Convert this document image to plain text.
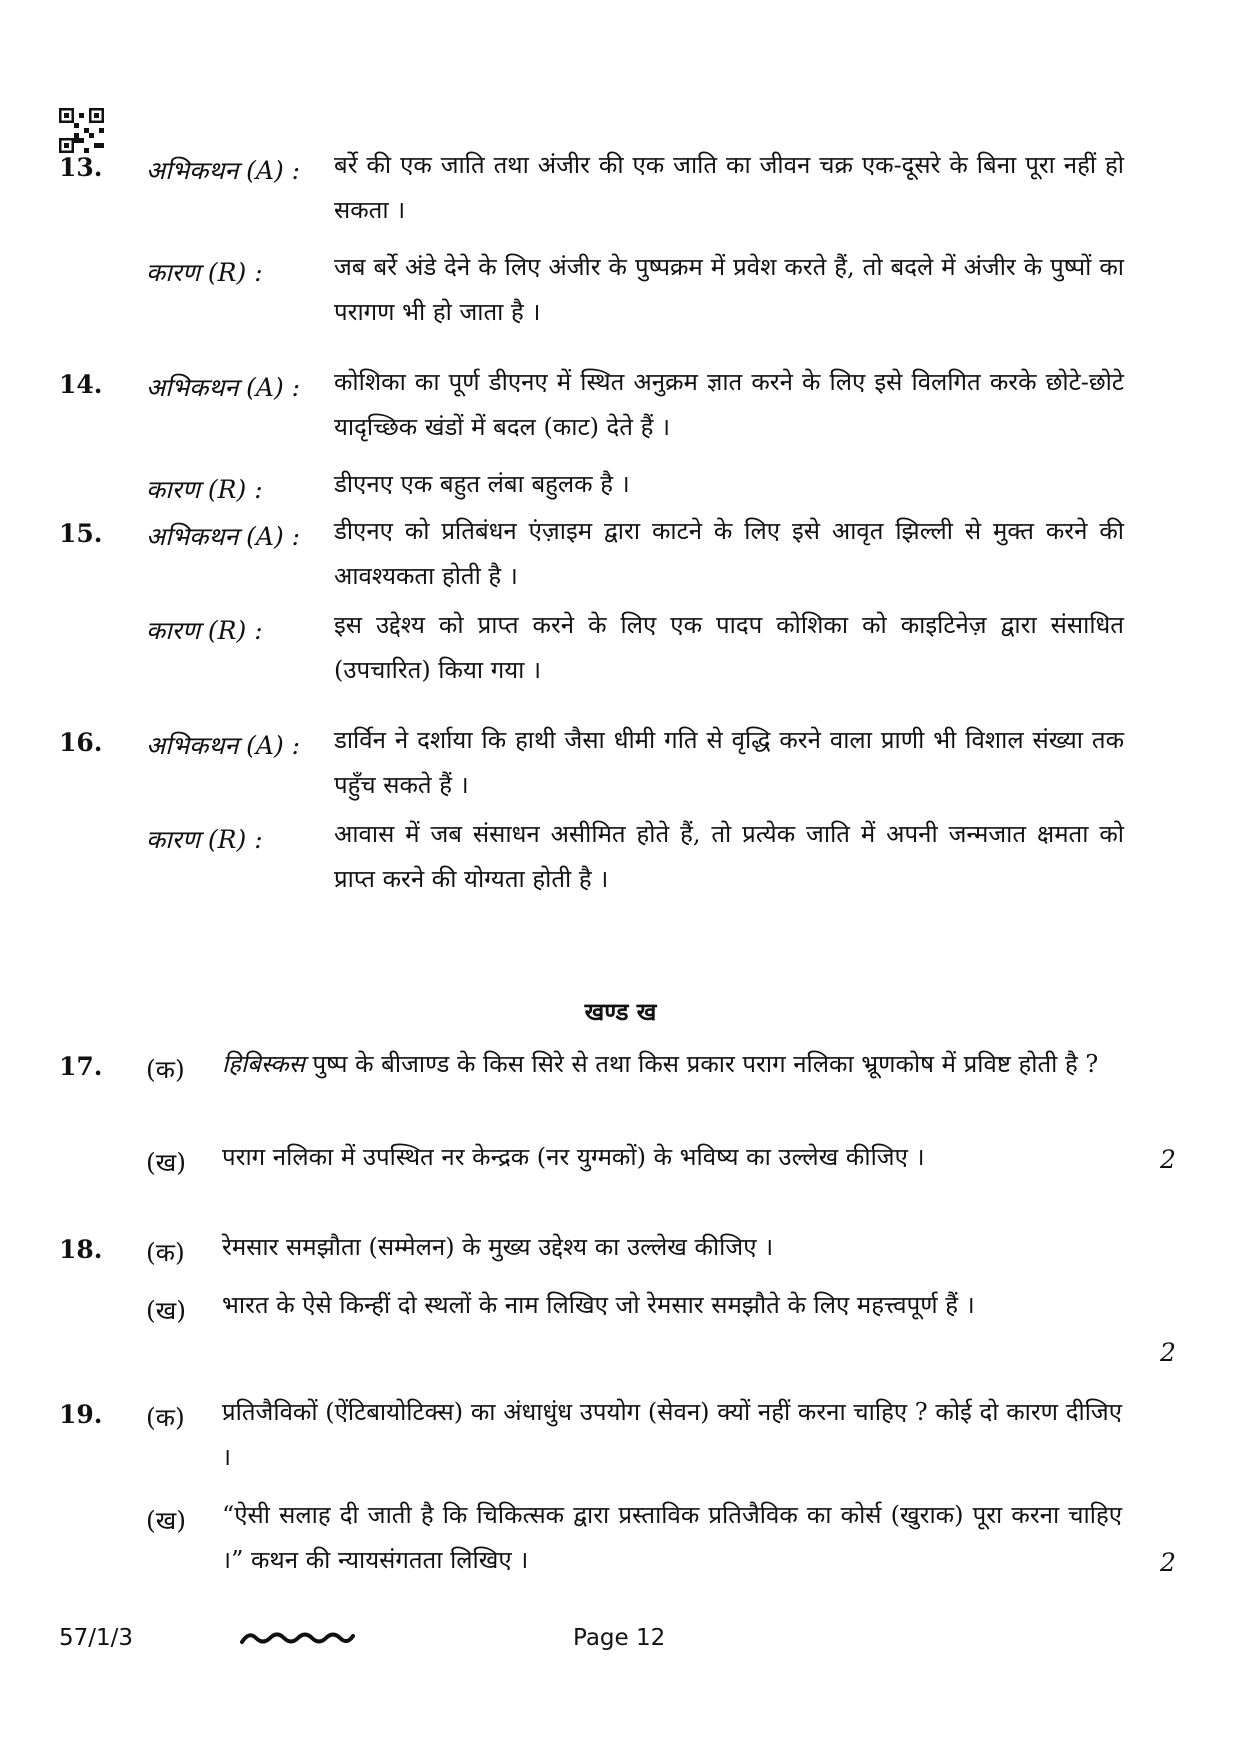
13. अभिकथन (A) : बर्रे की एक जाति तथा अंजीर की एक जाति का जीवन चक्र एक-दूसरे के बिना पूरा नहीं हो सकता ।
कारण (R) :	जब बर्रे अंडे देने के लिए अंजीर के पुष्पक्रम में प्रवेश करते हैं, तो बदले में अंजीर के पुष्पों का परागण भी हो जाता है ।
14. अभिकथन (A) : कोशिका का पूर्ण डीएनए में स्थित अनुक्रम ज्ञात करने के लिए इसे विलगित करके छोटे-छोटे यादृच्छिक खंडों में बदल (काट) देते हैं ।
कारण (R) :	डीएनए एक बहुत लंबा बहुलक है ।
15. अभिकथन (A) : डीएनए को प्रतिबंधन एंज़ाइम द्वारा काटने के लिए इसे आवृत झिल्ली से मुक्त करने की आवश्यकता होती है ।
कारण (R) :	इस उद्देश्य को प्राप्त करने के लिए एक पादप कोशिका को काइटिनेज़ द्वारा संसाधित (उपचारित) किया गया ।
16. अभिकथन (A) : डार्विन ने दर्शाया कि हाथी जैसा धीमी गति से वृद्धि करने वाला प्राणी भी विशाल संख्या तक पहुँच सकते हैं ।
कारण (R) :	आवास में जब संसाधन असीमित होते हैं, तो प्रत्येक जाति में अपनी जन्मजात क्षमता को प्राप्त करने की योग्यता होती है ।
खण्ड ख
17. (क) हिबिस्कस पुष्प के बीजाण्ड के किस सिरे से तथा किस प्रकार पराग नलिका भ्रूणकोष में प्रविष्ट होती है ?
(ख) पराग नलिका में उपस्थित नर केन्द्रक (नर युग्मकों) के भविष्य का उल्लेख कीजिए ।	2
18. (क) रेमसार समझौता (सम्मेलन) के मुख्य उद्देश्य का उल्लेख कीजिए ।
(ख) भारत के ऐसे किन्हीं दो स्थलों के नाम लिखिए जो रेमसार समझौते के लिए महत्त्वपूर्ण हैं ।
2
19. (क) प्रतिजैविकों (ऐंटिबायोटिक्स) का अंधाधुंध उपयोग (सेवन) क्यों नहीं करना चाहिए ? कोई दो कारण दीजिए ।
(ख) “ऐसी सलाह दी जाती है कि चिकित्सक द्वारा प्रस्ताविक प्रतिजैविक का कोर्स (खुराक) पूरा करना चाहिए ।” कथन की न्यायसंगतता लिखिए ।	2
57/1/3	Page 12
